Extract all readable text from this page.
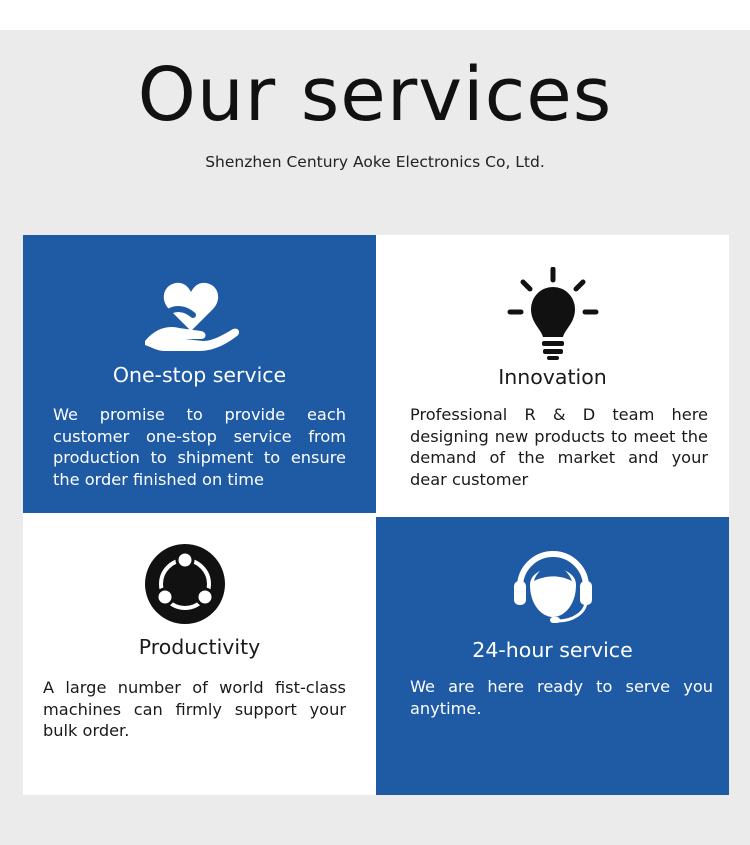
Our services
Shenzhen Century Aoke Electronics Co, Ltd.
One-stop service
We promise to provide each customer one-stop service from production to shipment to ensure the order finished on time
Innovation
Professional R & D team here designing new products to meet the demand of the market and your dear customer
Productivity
A large number of world fist-class machines can firmly support your bulk order.
24-hour service
We are here ready to serve you anytime.
